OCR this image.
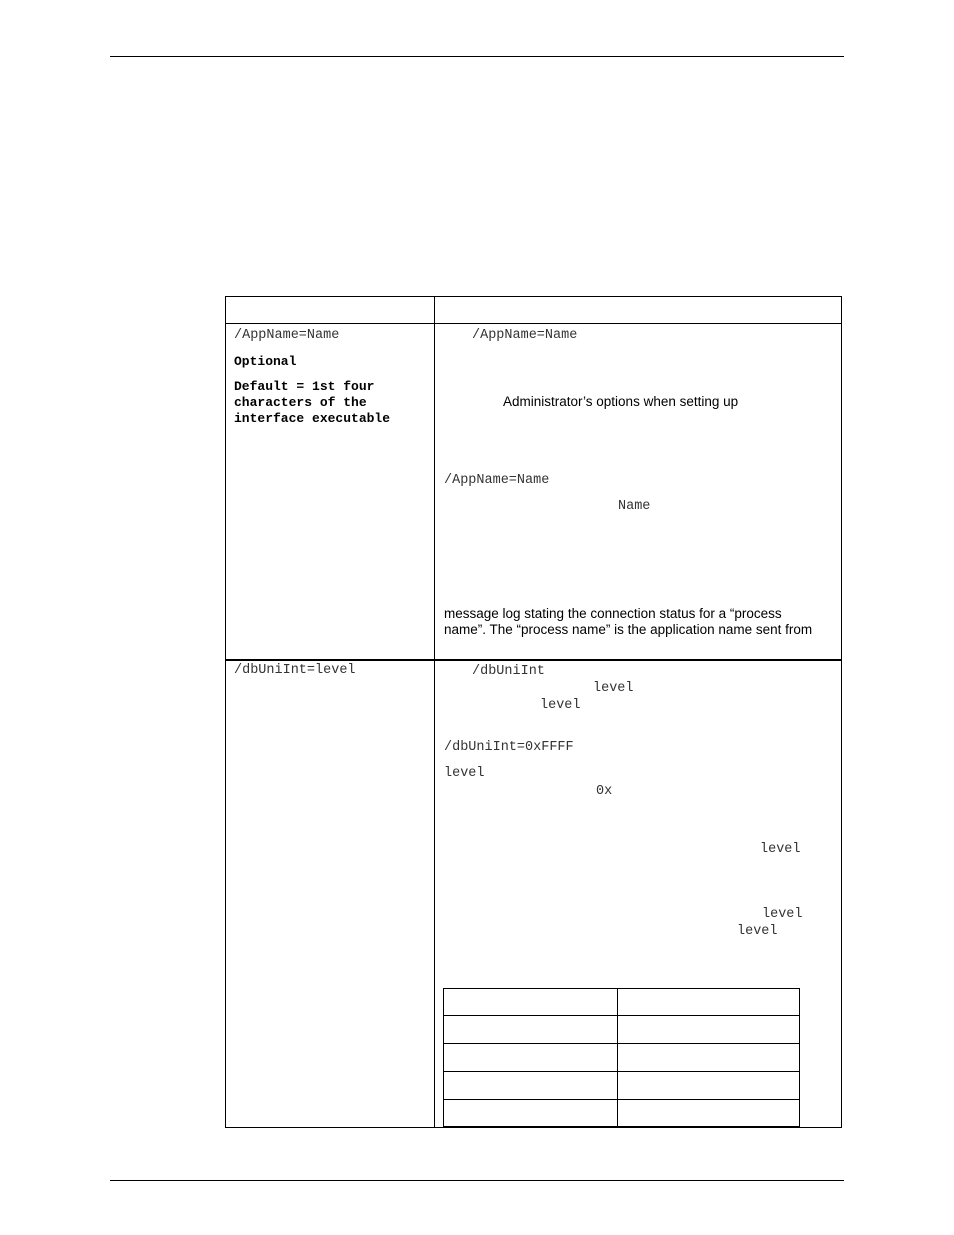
/AppName=Name
Optional
Default = 1st four
characters of the
interface executable
/AppName=Name
Administrator’s options when setting up
/AppName=Name
Name
message log stating the connection status for a “process
name”. The “process name” is the application name sent from
/dbUniInt=level	/dbUniInt
level
level
/dbUniInt=0xFFFF
level
0x
level
level
level
